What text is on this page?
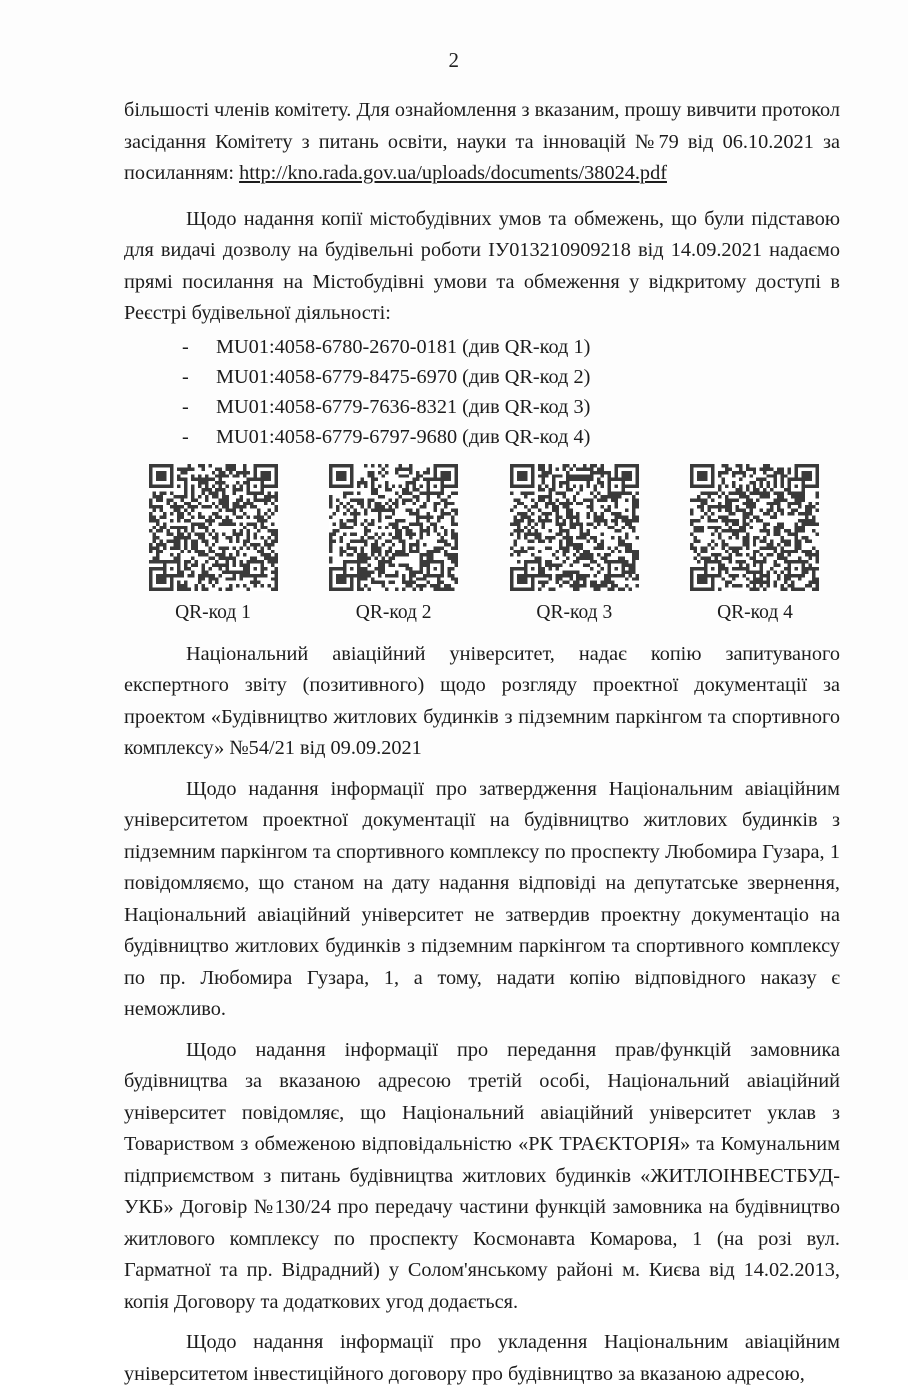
2

більшості членів комітету. Для ознайомлення з вказаним, прошу вивчити протокол засідання Комітету з питань освіти, науки та інновацій №79 від 06.10.2021 за посиланням: http://kno.rada.gov.ua/uploads/documents/38024.pdf

Щодо надання копії містобудівних умов та обмежень, що були підставою для видачі дозволу на будівельні роботи ІУ013210909218 від 14.09.2021 надаємо прямі посилання на Містобудівні умови та обмеження у відкритому доступі в Реєстрі будівельної діяльності:

- MU01:4058-6780-2670-0181 (див QR-код 1)
- MU01:4058-6779-8475-6970 (див QR-код 2)
- MU01:4058-6779-7636-8321 (див QR-код 3)
- MU01:4058-6779-6797-9680 (див QR-код 4)
QR-код 1	QR-код 2	QR-код 3	QR-код 4

Національний авіаційний університет, надає копію запитуваного експертного звіту (позитивного) щодо розгляду проектної документації за проектом «Будівництво житлових будинків з підземним паркінгом та спортивного комплексу» №54/21 від 09.09.2021

Щодо надання інформації про затвердження Національним авіаційним університетом проектної документації на будівництво житлових будинків з підземним паркінгом та спортивного комплексу по проспекту Любомира Гузара, 1 повідомляємо, що станом на дату надання відповіді на депутатське звернення, Національний авіаційний університет не затвердив проектну документаціо на будівництво житлових будинків з підземним паркінгом та спортивного комплексу по пр. Любомира Гузара, 1, а тому, надати копію відповідного наказу є неможливо.

Щодо надання інформації про передання прав/функцій замовника будівництва за вказаною адресою третій особі, Національний авіаційний університет повідомляє, що Національний авіаційний університет уклав з Товариством з обмеженою відповідальністю «РК ТРАЄКТОРІЯ» та Комунальним підприємством з питань будівництва житлових будинків «ЖИТЛОІНВЕСТБУД-УКБ» Договір №130/24 про передачу частини функцій замовника на будівництво житлового комплексу по проспекту Космонавта Комарова, 1 (на розі вул. Гарматної та пр. Відрадний) у Солом'янському районі м. Києва від 14.02.2013, копія Договору та додаткових угод додається.

Щодо надання інформації про укладення Національним авіаційним університетом інвестиційного договору про будівництво за вказаною адресою,
